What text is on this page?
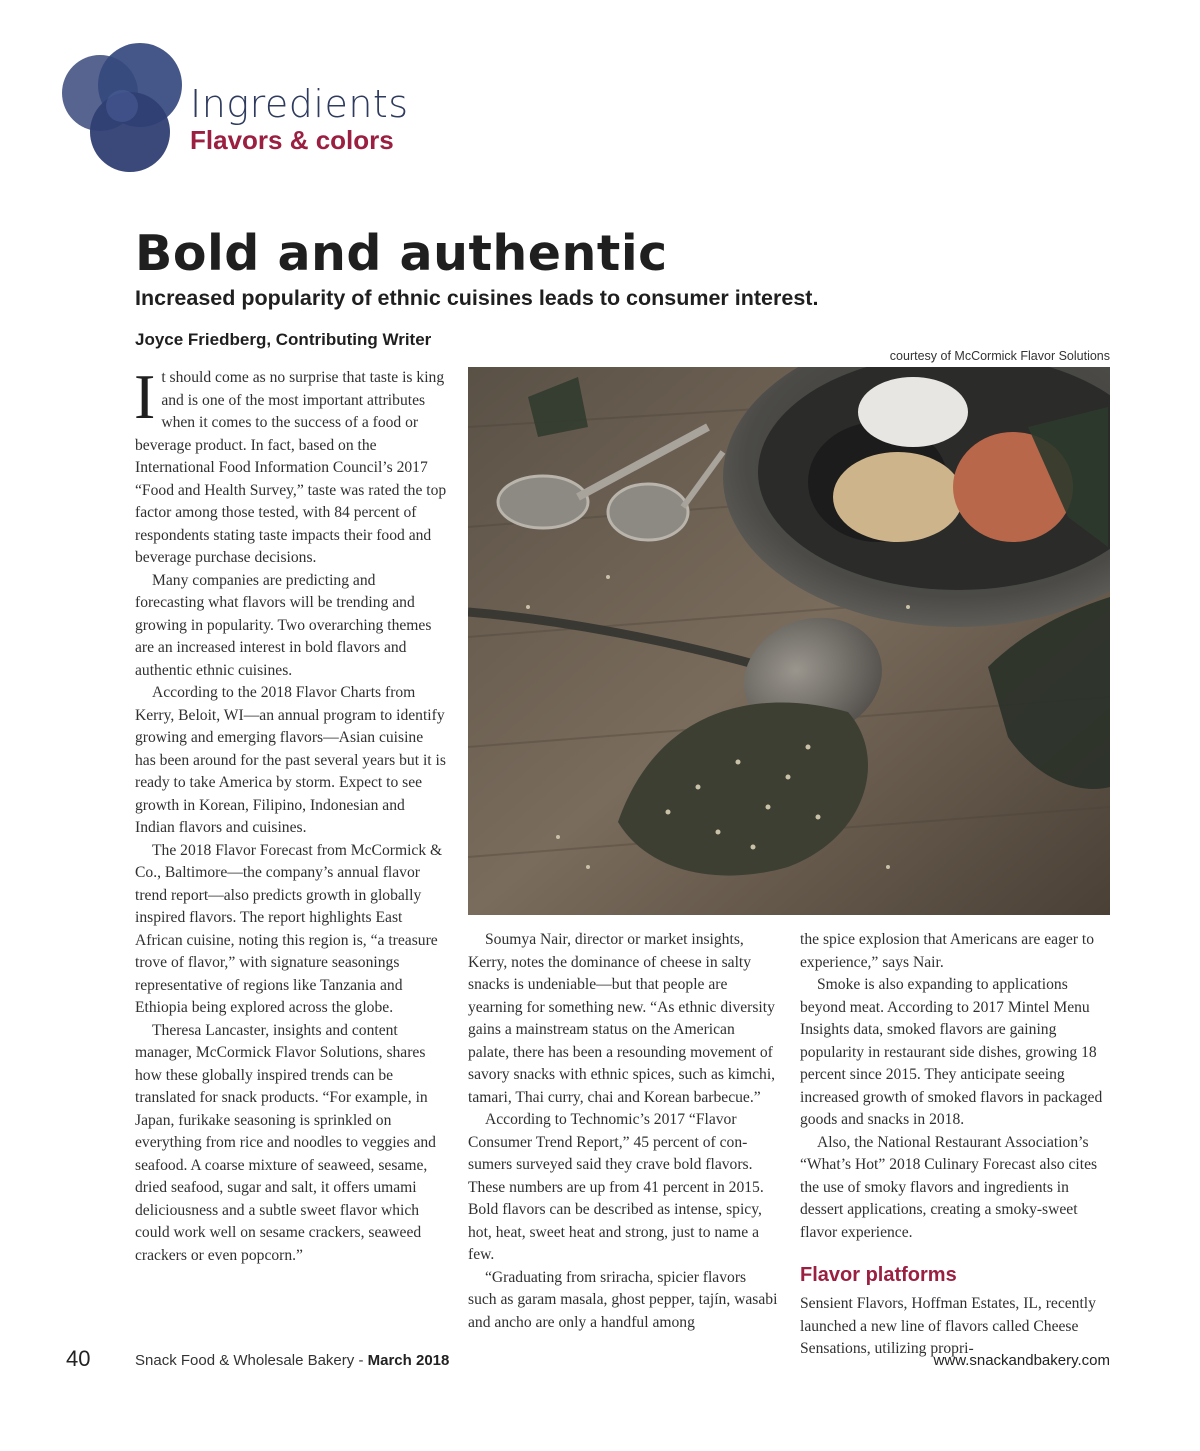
Ingredients
Flavors & colors
Bold and authentic
Increased popularity of ethnic cuisines leads to consumer interest.
Joyce Friedberg, Contributing Writer
courtesy of McCormick Flavor Solutions

It should come as no surprise that taste is king and is one of the most important attributes when it comes to the success of a food or beverage product. In fact, based on the International Food Information Council’s 2017 “Food and Health Survey,” taste was rated the top factor among those tested, with 84 percent of respondents stating taste impacts their food and beverage purchase decisions.

Many companies are predicting and forecasting what flavors will be trending and growing in popularity. Two overarching themes are an increased interest in bold flavors and authentic ethnic cuisines.

According to the 2018 Flavor Charts from Kerry, Beloit, WI—an annual program to identify growing and emerging flavors—Asian cuisine has been around for the past several years but it is ready to take America by storm. Expect to see growth in Korean, Filipino, Indonesian and Indian flavors and cuisines.

The 2018 Flavor Forecast from McCormick & Co., Baltimore—the company’s annual flavor trend report—also predicts growth in globally inspired flavors. The report highlights East African cuisine, noting this region is, “a treasure trove of flavor,” with signature seasonings representative of regions like Tanzania and Ethiopia being explored across the globe.

Theresa Lancaster, insights and content manager, McCormick Flavor Solutions, shares how these globally inspired trends can be translated for snack products. “For example, in Japan, furikake seasoning is sprinkled on everything from rice and noodles to veggies and seafood. A coarse mixture of seaweed, sesame, dried seafood, sugar and salt, it offers umami deliciousness and a subtle sweet flavor which could work well on sesame crackers, seaweed crackers or even popcorn.”

Soumya Nair, director or market insights, Kerry, notes the dominance of cheese in salty snacks is undeniable—but that people are yearning for something new. “As ethnic diversity gains a mainstream status on the American palate, there has been a resounding movement of savory snacks with ethnic spices, such as kimchi, tamari, Thai curry, chai and Korean barbecue.”

According to Technomic’s 2017 “Flavor Consumer Trend Report,” 45 percent of consumers surveyed said they crave bold flavors. These numbers are up from 41 percent in 2015. Bold flavors can be described as intense, spicy, hot, heat, sweet heat and strong, just to name a few.

“Graduating from sriracha, spicier flavors such as garam masala, ghost pepper, tajín, wasabi and ancho are only a handful among

the spice explosion that Americans are eager to experience,” says Nair.

Smoke is also expanding to applications beyond meat. According to 2017 Mintel Menu Insights data, smoked flavors are gaining popularity in restaurant side dishes, growing 18 percent since 2015. They anticipate seeing increased growth of smoked flavors in packaged goods and snacks in 2018.

Also, the National Restaurant Association’s “What’s Hot” 2018 Culinary Forecast also cites the use of smoky flavors and ingredients in dessert applications, creating a smoky-sweet flavor experience.

Flavor platforms

Sensient Flavors, Hoffman Estates, IL, recently launched a new line of flavors called Cheese Sensations, utilizing propri-

40	Snack Food & Wholesale Bakery - March 2018	www.snackandbakery.com
